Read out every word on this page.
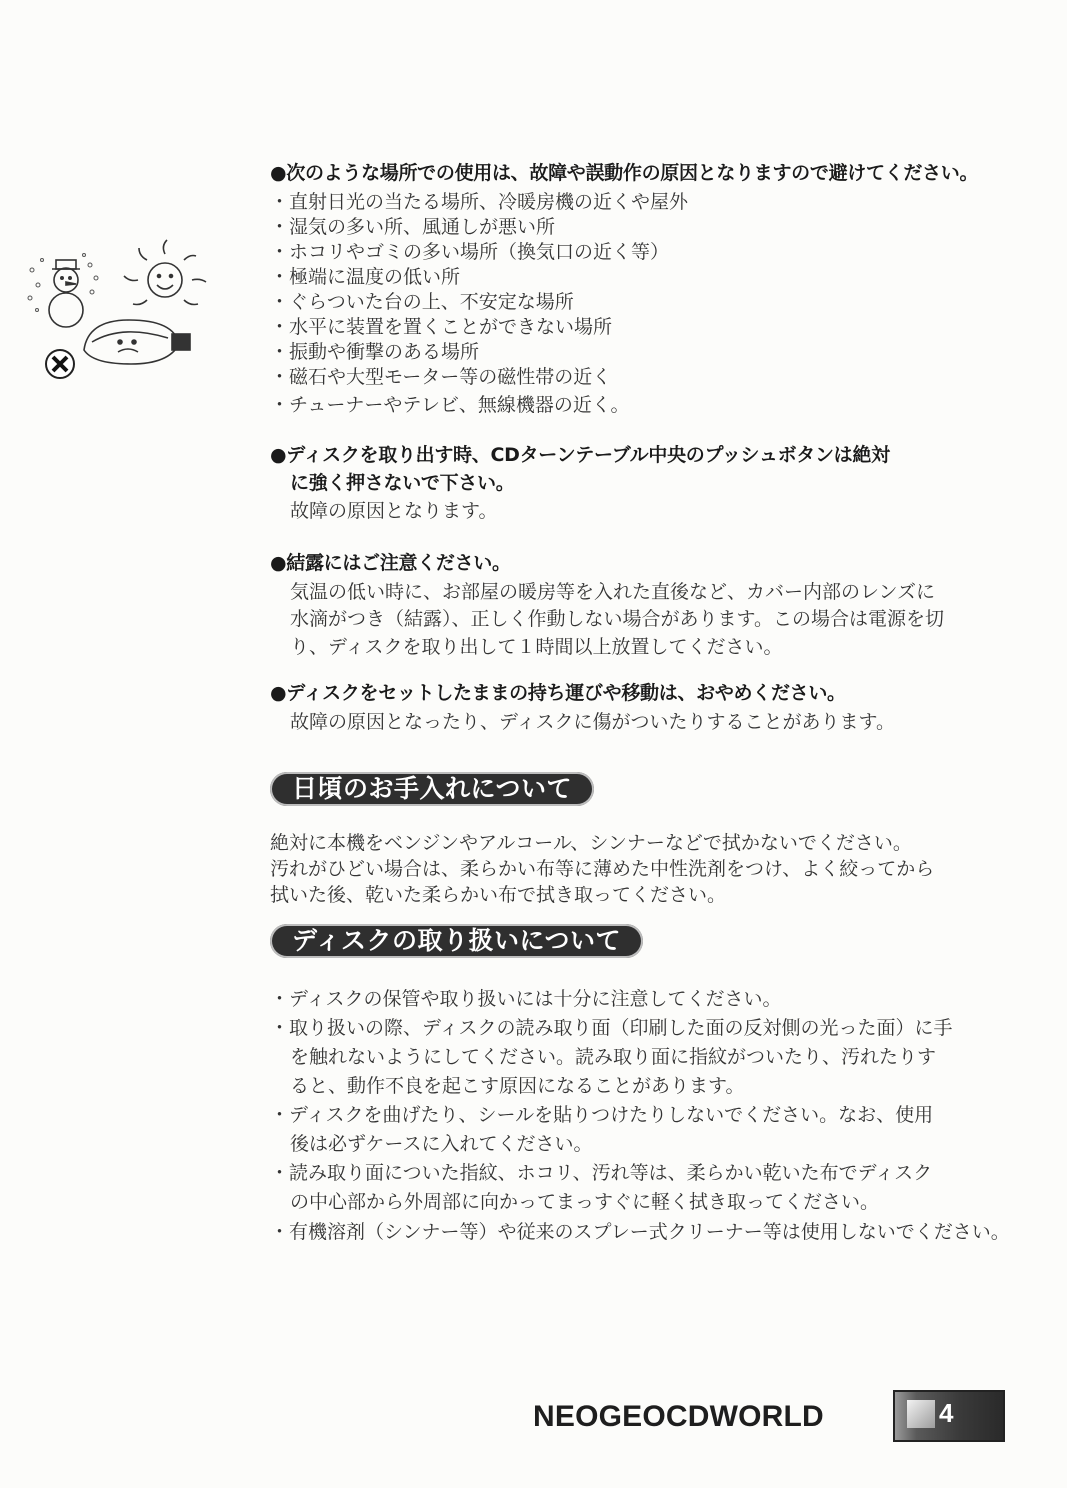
●次のような場所での使用は、故障や誤動作の原因となりますので避けてください。
・直射日光の当たる場所、冷暖房機の近くや屋外
・湿気の多い所、風通しが悪い所
・ホコリやゴミの多い場所（換気口の近く等）
・極端に温度の低い所
・ぐらついた台の上、不安定な場所
・水平に装置を置くことができない場所
・振動や衝撃のある場所
・磁石や大型モーター等の磁性帯の近く
・チューナーやテレビ、無線機器の近く。
●ディスクを取り出す時、CDターンテーブル中央のプッシュボタンは絶対
に強く押さないで下さい。
故障の原因となります。
●結露にはご注意ください。
気温の低い時に、お部屋の暖房等を入れた直後など、カバー内部のレンズに
水滴がつき（結露）、正しく作動しない場合があります。この場合は電源を切
り、ディスクを取り出して１時間以上放置してください。
●ディスクをセットしたままの持ち運びや移動は、おやめください。
故障の原因となったり、ディスクに傷がついたりすることがあります。
日頃のお手入れについて
絶対に本機をベンジンやアルコール、シンナーなどで拭かないでください。
汚れがひどい場合は、柔らかい布等に薄めた中性洗剤をつけ、よく絞ってから
拭いた後、乾いた柔らかい布で拭き取ってください。
ディスクの取り扱いについて
・ディスクの保管や取り扱いには十分に注意してください。
・取り扱いの際、ディスクの読み取り面（印刷した面の反対側の光った面）に手
を触れないようにしてください。読み取り面に指紋がついたり、汚れたりす
ると、動作不良を起こす原因になることがあります。
・ディスクを曲げたり、シールを貼りつけたりしないでください。なお、使用
後は必ずケースに入れてください。
・読み取り面についた指紋、ホコリ、汚れ等は、柔らかい乾いた布でディスク
の中心部から外周部に向かってまっすぐに軽く拭き取ってください。
・有機溶剤（シンナー等）や従来のスプレー式クリーナー等は使用しないでください。
NEOGEOCDWORLD	4
